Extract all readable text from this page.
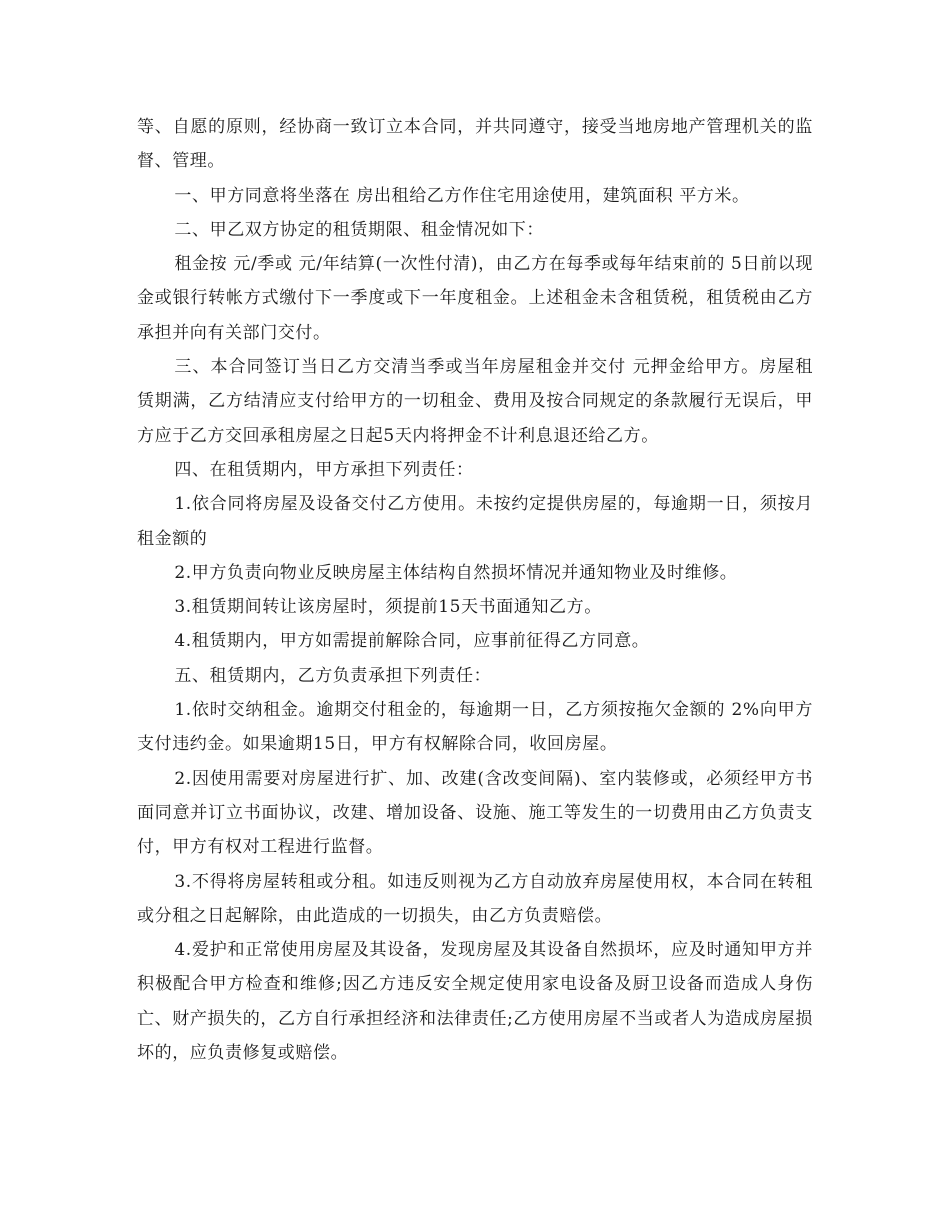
等、自愿的原则，经协商一致订立本合同，并共同遵守，接受当地房地产管理机关的监督、管理。

一、甲方同意将坐落在 房出租给乙方作住宅用途使用，建筑面积 平方米。

二、甲乙双方协定的租赁期限、租金情况如下：

租金按 元/季或 元/年结算(一次性付清)，由乙方在每季或每年结束前的 5日前以现金或银行转帐方式缴付下一季度或下一年度租金。上述租金未含租赁税，租赁税由乙方承担并向有关部门交付。

三、本合同签订当日乙方交清当季或当年房屋租金并交付 元押金给甲方。房屋租赁期满，乙方结清应支付给甲方的一切租金、费用及按合同规定的条款履行无误后，甲方应于乙方交回承租房屋之日起5天内将押金不计利息退还给乙方。

四、在租赁期内，甲方承担下列责任：

1.依合同将房屋及设备交付乙方使用。未按约定提供房屋的，每逾期一日，须按月租金额的

2.甲方负责向物业反映房屋主体结构自然损坏情况并通知物业及时维修。

3.租赁期间转让该房屋时，须提前15天书面通知乙方。

4.租赁期内，甲方如需提前解除合同，应事前征得乙方同意。

五、租赁期内，乙方负责承担下列责任：

1.依时交纳租金。逾期交付租金的，每逾期一日，乙方须按拖欠金额的 2%向甲方支付违约金。如果逾期15日，甲方有权解除合同，收回房屋。

2.因使用需要对房屋进行扩、加、改建(含改变间隔)、室内装修或，必须经甲方书面同意并订立书面协议，改建、增加设备、设施、施工等发生的一切费用由乙方负责支付，甲方有权对工程进行监督。

3.不得将房屋转租或分租。如违反则视为乙方自动放弃房屋使用权，本合同在转租或分租之日起解除，由此造成的一切损失，由乙方负责赔偿。

4.爱护和正常使用房屋及其设备，发现房屋及其设备自然损坏，应及时通知甲方并积极配合甲方检查和维修;因乙方违反安全规定使用家电设备及厨卫设备而造成人身伤亡、财产损失的，乙方自行承担经济和法律责任;乙方使用房屋不当或者人为造成房屋损坏的，应负责修复或赔偿。
